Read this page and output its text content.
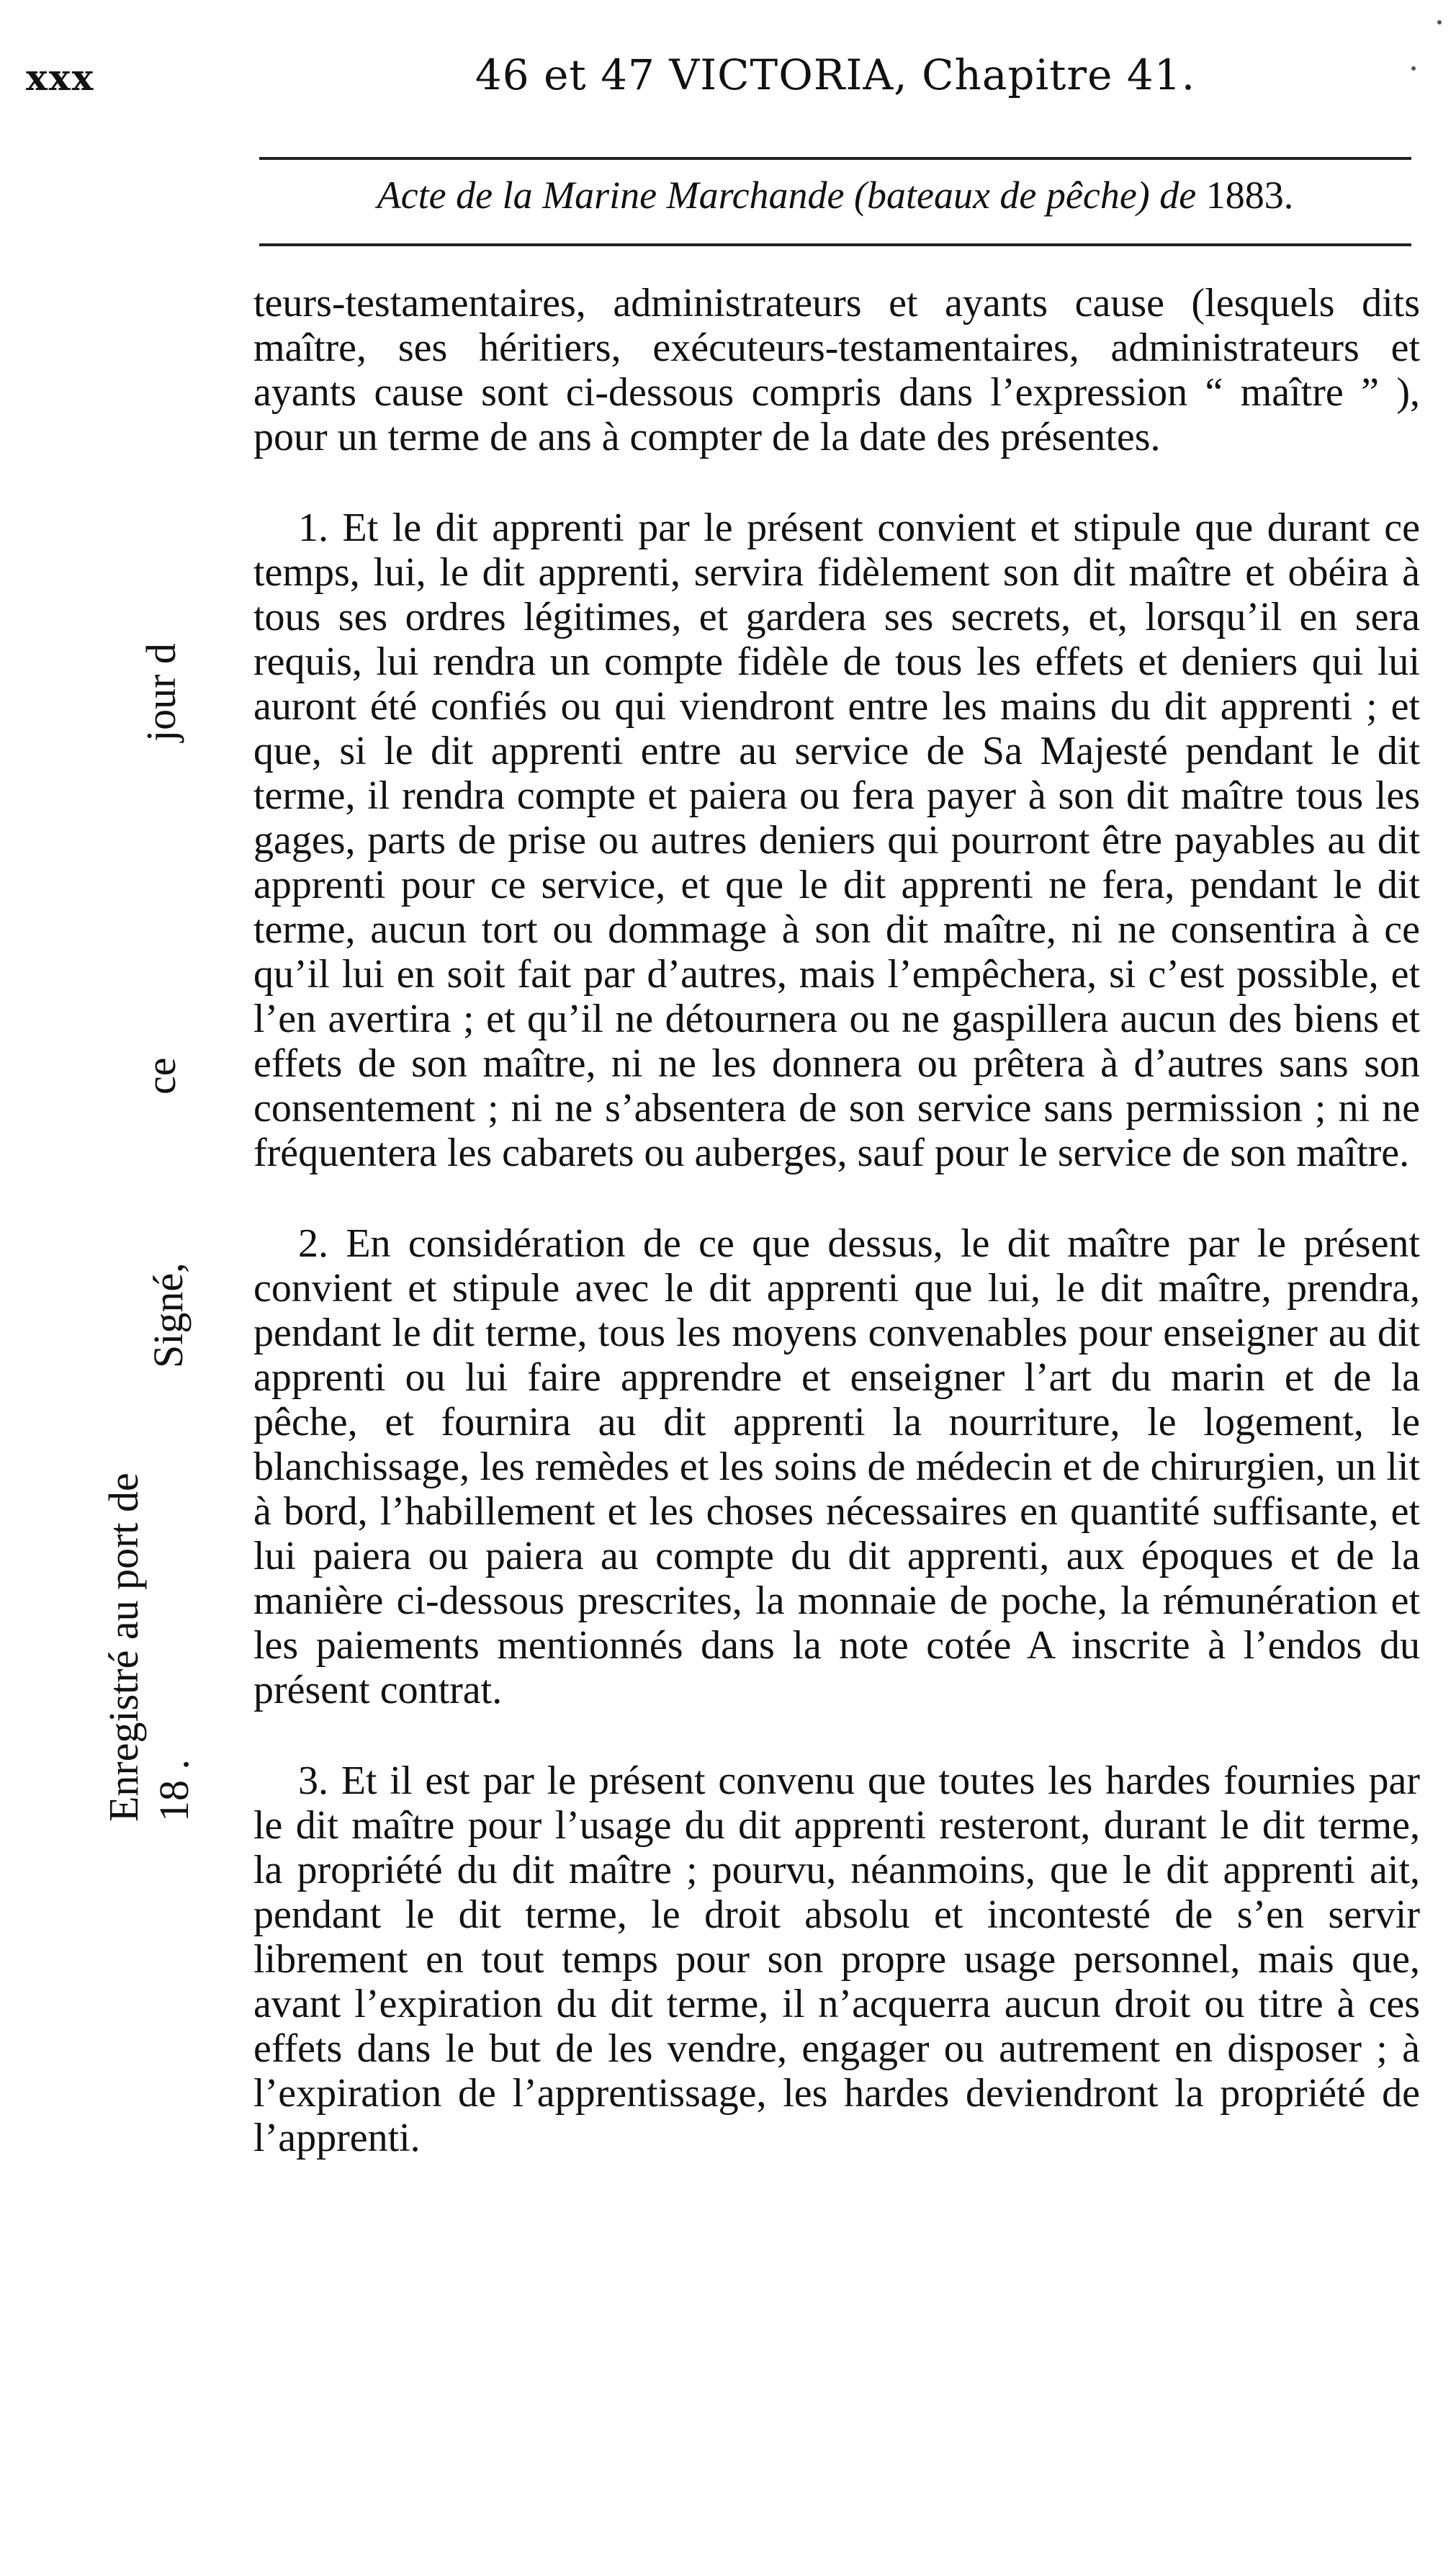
xxx	46 et 47 VICTORIA, Chapitre 41.
Acte de la Marine Marchande (bateaux de pêche) de 1883.
jour d
ce
Signé,
Enregistré au port de 18 .

teurs-testamentaires, administrateurs et ayants cause (lesquels dits maître, ses héritiers, exécuteurs-testamentaires, administrateurs et ayants cause sont ci-dessous compris dans l’expression “ maître ” ), pour un terme de ans à compter de la date des présentes.

1. Et le dit apprenti par le présent convient et stipule que durant ce temps, lui, le dit apprenti, servira fidèlement son dit maître et obéira à tous ses ordres légitimes, et gardera ses secrets, et, lorsqu’il en sera requis, lui rendra un compte fidèle de tous les effets et deniers qui lui auront été confiés ou qui viendront entre les mains du dit apprenti ; et que, si le dit apprenti entre au service de Sa Majesté pendant le dit terme, il rendra compte et paiera ou fera payer à son dit maître tous les gages, parts de prise ou autres deniers qui pourront être payables au dit apprenti pour ce service, et que le dit apprenti ne fera, pendant le dit terme, aucun tort ou dommage à son dit maître, ni ne consentira à ce qu’il lui en soit fait par d’autres, mais l’empêchera, si c’est possible, et l’en avertira ; et qu’il ne détournera ou ne gaspillera aucun des biens et effets de son maître, ni ne les donnera ou prêtera à d’autres sans son consentement ; ni ne s’absentera de son service sans permission ; ni ne fréquentera les cabarets ou auberges, sauf pour le service de son maître.

2. En considération de ce que dessus, le dit maître par le présent convient et stipule avec le dit apprenti que lui, le dit maître, prendra, pendant le dit terme, tous les moyens convenables pour enseigner au dit apprenti ou lui faire apprendre et enseigner l’art du marin et de la pêche, et fournira au dit apprenti la nourriture, le logement, le blanchissage, les remèdes et les soins de médecin et de chirurgien, un lit à bord, l’habillement et les choses nécessaires en quantité suffisante, et lui paiera ou paiera au compte du dit apprenti, aux époques et de la manière ci-dessous prescrites, la monnaie de poche, la rémunération et les paiements mentionnés dans la note cotée A inscrite à l’endos du présent contrat.

3. Et il est par le présent convenu que toutes les hardes fournies par le dit maître pour l’usage du dit apprenti resteront, durant le dit terme, la propriété du dit maître ; pourvu, néanmoins, que le dit apprenti ait, pendant le dit terme, le droit absolu et incontesté de s’en servir librement en tout temps pour son propre usage personnel, mais que, avant l’expiration du dit terme, il n’acquerra aucun droit ou titre à ces effets dans le but de les vendre, engager ou autrement en disposer ; à l’expiration de l’apprentissage, les hardes deviendront la propriété de l’apprenti.
